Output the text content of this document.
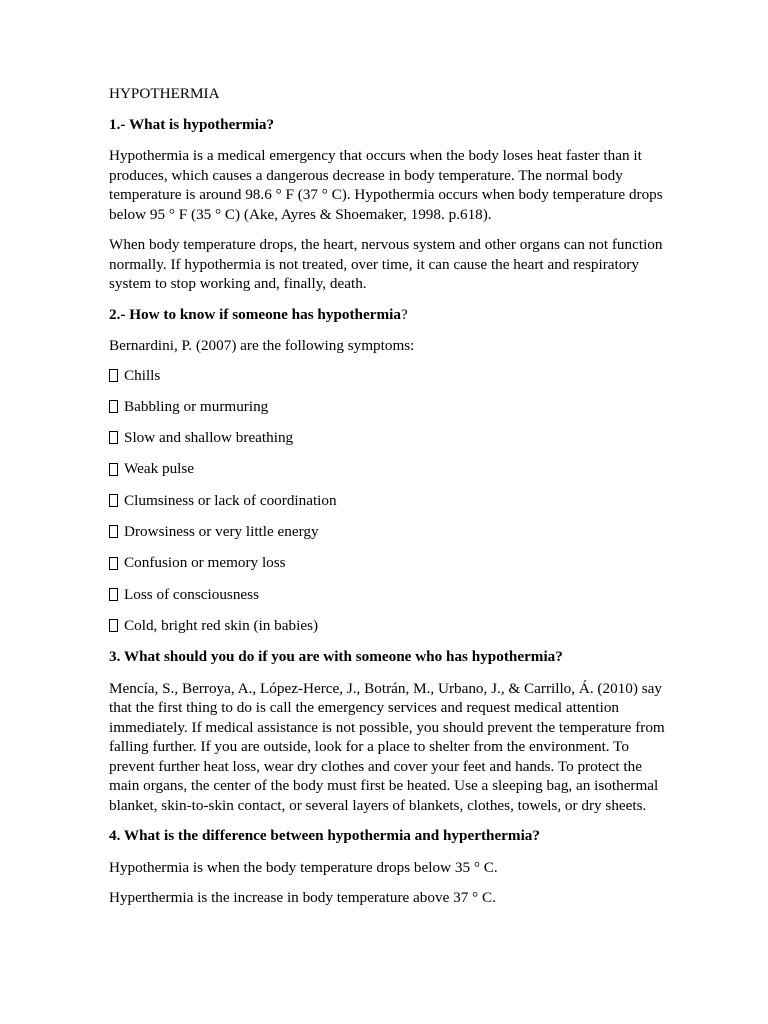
HYPOTHERMIA
1.- What is hypothermia?

Hypothermia is a medical emergency that occurs when the body loses heat faster than it produces, which causes a dangerous decrease in body temperature. The normal body temperature is around 98.6 ° F (37 ° C). Hypothermia occurs when body temperature drops below 95 ° F (35 ° C) (Ake, Ayres & Shoemaker, 1998. p.618).

When body temperature drops, the heart, nervous system and other organs can not function normally. If hypothermia is not treated, over time, it can cause the heart and respiratory system to stop working and, finally, death.

2.- How to know if someone has hypothermia?

Bernardini, P. (2007) are the following symptoms:

Chills
Babbling or murmuring
Slow and shallow breathing
Weak pulse
Clumsiness or lack of coordination
Drowsiness or very little energy
Confusion or memory loss
Loss of consciousness
Cold, bright red skin (in babies)
3. What should you do if you are with someone who has hypothermia?

Mencía, S., Berroya, A., López-Herce, J., Botrán, M., Urbano, J., & Carrillo, Á. (2010) say that the first thing to do is call the emergency services and request medical attention immediately. If medical assistance is not possible, you should prevent the temperature from falling further. If you are outside, look for a place to shelter from the environment. To prevent further heat loss, wear dry clothes and cover your feet and hands. To protect the main organs, the center of the body must first be heated. Use a sleeping bag, an isothermal blanket, skin-to-skin contact, or several layers of blankets, clothes, towels, or dry sheets.

4. What is the difference between hypothermia and hyperthermia?

Hypothermia is when the body temperature drops below 35 ° C.

Hyperthermia is the increase in body temperature above 37 ° C.
